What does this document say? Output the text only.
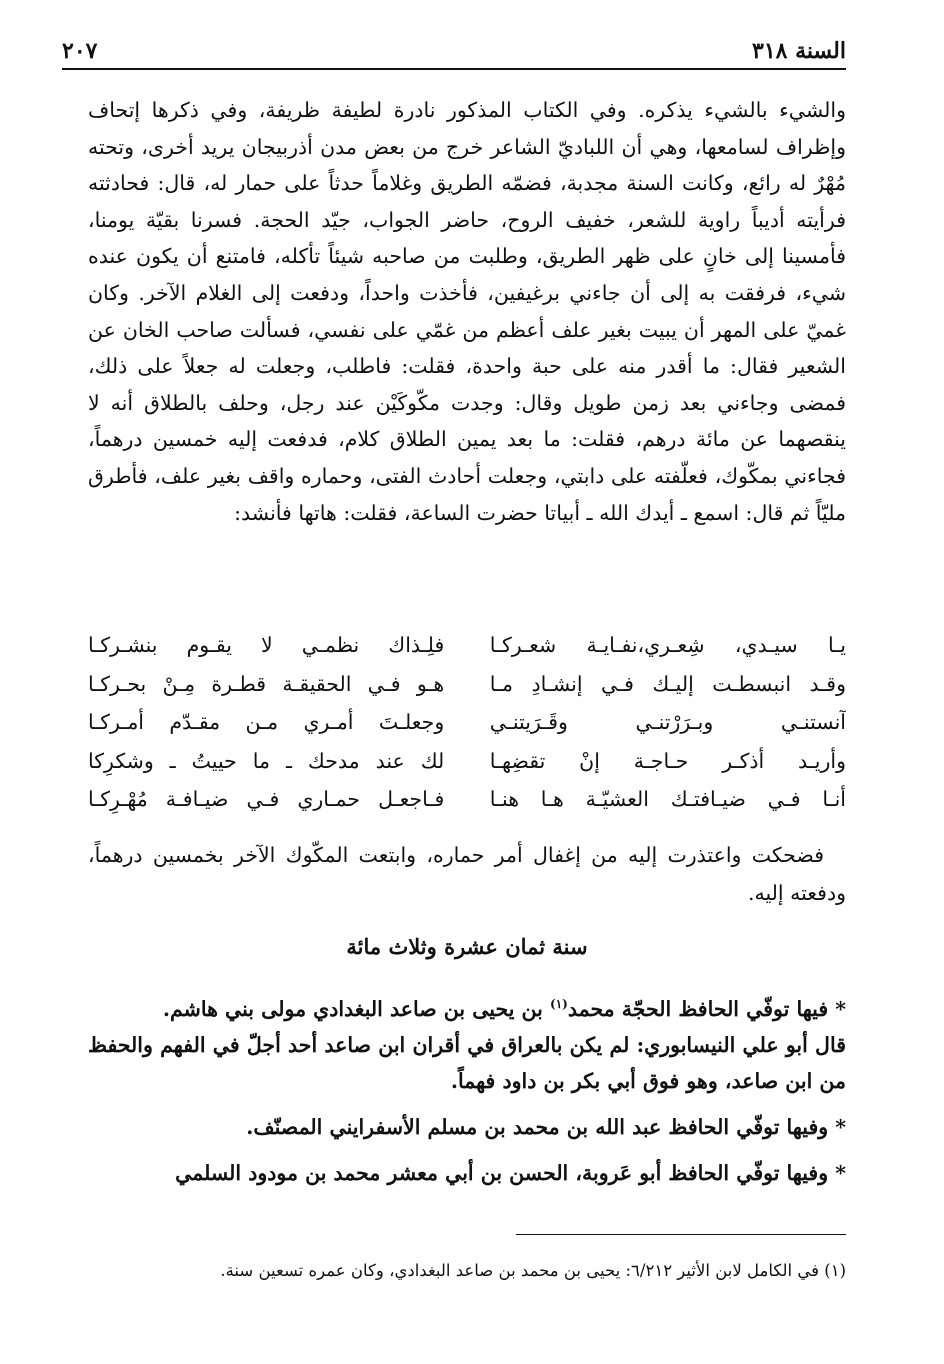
السنة ٣١٨
٢٠٧

والشيء بالشيء يذكره. وفي الكتاب المذكور نادرة لطيفة ظريفة، وفي ذكرها إتحاف وإظراف لسامعها، وهي أن اللباديّ الشاعر خرج من بعض مدن أذربيجان يريد أخرى، وتحته مُهْرٌ له رائع، وكانت السنة مجدبة، فضمّه الطريق وغلاماً حدثاً على حمار له، قال: فحادثته فرأيته أديباً راوية للشعر، خفيف الروح، حاضر الجواب، جيّد الحجة. فسرنا بقيّة يومنا، فأمسينا إلى خانٍ على ظهر الطريق، وطلبت من صاحبه شيئاً تأكله، فامتنع أن يكون عنده شيء، فرفقت به إلى أن جاءني برغيفين، فأخذت واحداً، ودفعت إلى الغلام الآخر. وكان غميّ على المهر أن يبيت بغير علف أعظم من غمّي على نفسي، فسألت صاحب الخان عن الشعير فقال: ما أقدر منه على حبة واحدة، فقلت: فاطلب، وجعلت له جعلاً على ذلك، فمضى وجاءني بعد زمن طويل وقال: وجدت مكّوكَيْن عند رجل، وحلف بالطلاق أنه لا ينقصهما عن مائة درهم، فقلت: ما بعد يمين الطلاق كلام، فدفعت إليه خمسين درهماً، فجاءني بمكّوك، فعلّفته على دابتي، وجعلت أحادث الفتى، وحماره واقف بغير علف، فأطرق مليّاً ثم قال: اسمع ـ أيدك الله ـ أبياتا حضرت الساعة، فقلت: هاتها فأنشد:

يـا سيـدي، شِعـري،نفـايـة شعـركـا
فلِـذاك نظمـي لا يقـوم بنشـركـا
وقـد انبسطـت إليـك فـي إنشـادِ مـا
هـو فـي الحقيقـة قطـرة مِـنْ بحـركـا
آنستنـي وبـرَرْتنـي وقَـرَيتنـي
وجعلـتَ أمـري مـن مقـدّم أمـركـا
وأريـد أذكـر حـاجـة إنْ تقضِهـا
لك عند مدحك ـ ما حييتُ ـ وشكرِكا
أنـا فـي ضيـافتـك العشيّـة هـا هنـا
فـاجعـل حمـاري فـي ضيـافـة مُهْـرِكـا

فضحكت واعتذرت إليه من إغفال أمر حماره، وابتعت المكّوك الآخر بخمسين درهماً، ودفعته إليه.

سنة ثمان عشرة وثلاث مائة

* فيها توفّي الحافظ الحجّة محمد$^{(١)}$ بن يحيى بن صاعد البغدادي مولى بني هاشم.
قال أبو علي النيسابوري: لم يكن بالعراق في أقران ابن صاعد أحد أجلّ في الفهم والحفظ من ابن صاعد، وهو فوق أبي بكر بن داود فهماً.

* وفيها توفّي الحافظ عبد الله بن محمد بن مسلم الأسفرايني المصنّف.

* وفيها توفّي الحافظ أبو عَروبة، الحسن بن أبي معشر محمد بن مودود السلمي

(١) في الكامل لابن الأثير ٦/٢١٢: يحيى بن محمد بن صاعد البغدادي، وكان عمره تسعين سنة.
